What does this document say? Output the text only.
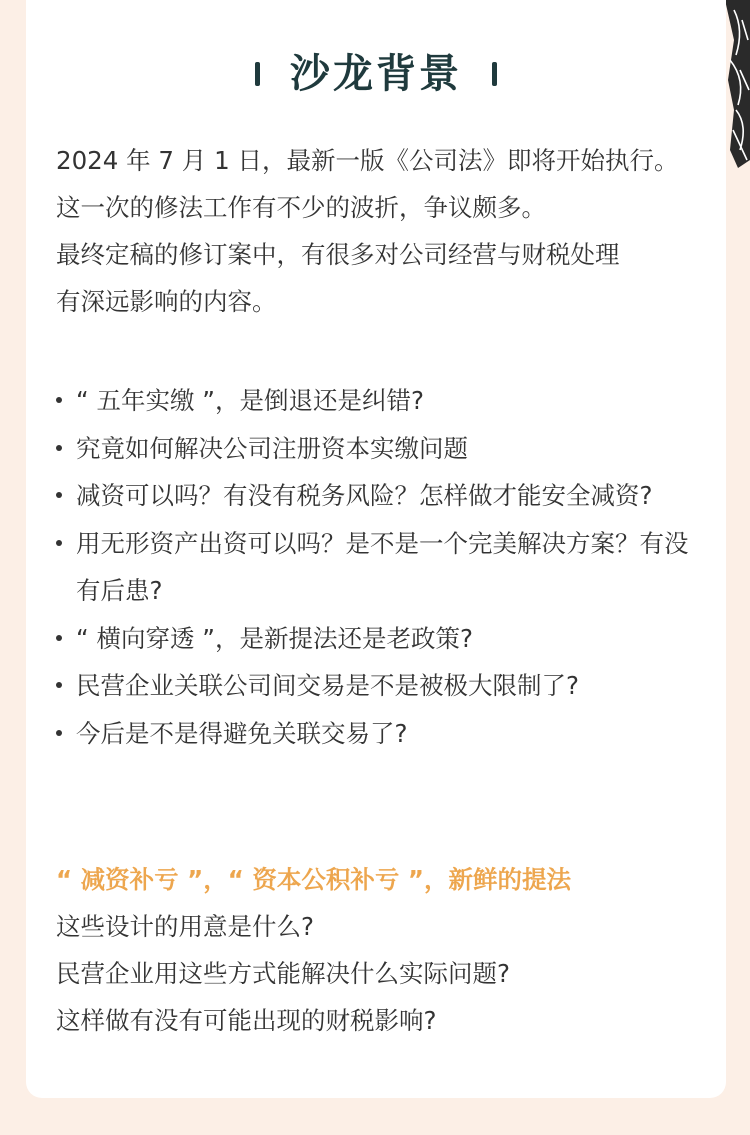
沙龙背景

2024 年 7 月 1 日，最新一版《公司法》即将开始执行。

这一次的修法工作有不少的波折，争议颇多。

最终定稿的修订案中，有很多对公司经营与财税处理

有深远影响的内容。

“ 五年实缴 ”，是倒退还是纠错?
究竟如何解决公司注册资本实缴问题
减资可以吗？有没有税务风险？怎样做才能安全减资?
用无形资产出资可以吗？是不是一个完美解决方案？有没有后患?
“ 横向穿透 ”，是新提法还是老政策?
民营企业关联公司间交易是不是被极大限制了?
今后是不是得避免关联交易了?
“ 减资补亏 ”，“ 资本公积补亏 ”，新鲜的提法

这些设计的用意是什么?

民营企业用这些方式能解决什么实际问题?

这样做有没有可能出现的财税影响?
